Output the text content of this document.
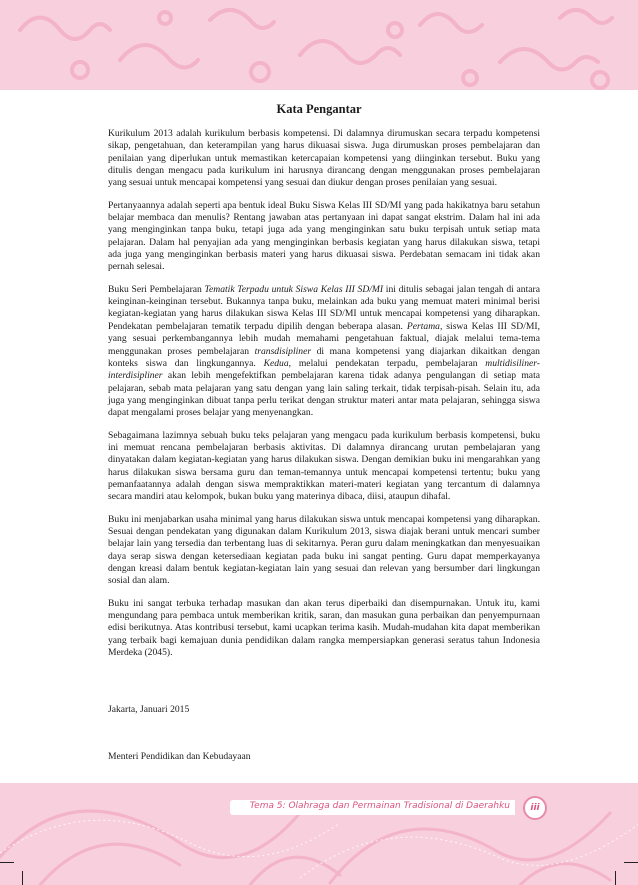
Kata Pengantar

Kurikulum 2013 adalah kurikulum berbasis kompetensi. Di dalamnya dirumuskan secara terpadu kompetensi sikap, pengetahuan, dan keterampilan yang harus dikuasai siswa. Juga dirumuskan proses pembelajaran dan penilaian yang diperlukan untuk memastikan ketercapaian kompetensi yang diinginkan tersebut. Buku yang ditulis dengan mengacu pada kurikulum ini harusnya dirancang dengan menggunakan proses pembelajaran yang sesuai untuk mencapai kompetensi yang sesuai dan diukur dengan proses penilaian yang sesuai.

Pertanyaannya adalah seperti apa bentuk ideal Buku Siswa Kelas III SD/MI yang pada hakikatnya baru setahun belajar membaca dan menulis? Rentang jawaban atas pertanyaan ini dapat sangat ekstrim. Dalam hal ini ada yang menginginkan tanpa buku, tetapi juga ada yang menginginkan satu buku terpisah untuk setiap mata pelajaran. Dalam hal penyajian ada yang menginginkan berbasis kegiatan yang harus dilakukan siswa, tetapi ada juga yang menginginkan berbasis materi yang harus dikuasai siswa. Perdebatan semacam ini tidak akan pernah selesai.

Buku Seri Pembelajaran Tematik Terpadu untuk Siswa Kelas III SD/MI ini ditulis sebagai jalan tengah di antara keinginan-keinginan tersebut. Bukannya tanpa buku, melainkan ada buku yang memuat materi minimal berisi kegiatan-kegiatan yang harus dilakukan siswa Kelas III SD/MI untuk mencapai kompetensi yang diharapkan. Pendekatan pembelajaran tematik terpadu dipilih dengan beberapa alasan. Pertama, siswa Kelas III SD/MI, yang sesuai perkembangannya lebih mudah memahami pengetahuan faktual, diajak melalui tema-tema menggunakan proses pembelajaran transdisipliner di mana kompetensi yang diajarkan dikaitkan dengan konteks siswa dan lingkungannya. Kedua, melalui pendekatan terpadu, pembelajaran multidisiliner-interdisipliner akan lebih mengefektifkan pembelajaran karena tidak adanya pengulangan di setiap mata pelajaran, sebab mata pelajaran yang satu dengan yang lain saling terkait, tidak terpisah-pisah. Selain itu, ada juga yang menginginkan dibuat tanpa perlu terikat dengan struktur materi antar mata pelajaran, sehingga siswa dapat mengalami proses belajar yang menyenangkan.

Sebagaimana lazimnya sebuah buku teks pelajaran yang mengacu pada kurikulum berbasis kompetensi, buku ini memuat rencana pembelajaran berbasis aktivitas. Di dalamnya dirancang urutan pembelajaran yang dinyatakan dalam kegiatan-kegiatan yang harus dilakukan siswa. Dengan demikian buku ini mengarahkan yang harus dilakukan siswa bersama guru dan teman-temannya untuk mencapai kompetensi tertentu; buku yang pemanfaatannya adalah dengan siswa mempraktikkan materi-materi kegiatan yang tercantum di dalamnya secara mandiri atau kelompok, bukan buku yang materinya dibaca, diisi, ataupun dihafal.

Buku ini menjabarkan usaha minimal yang harus dilakukan siswa untuk mencapai kompetensi yang diharapkan. Sesuai dengan pendekatan yang digunakan dalam Kurikulum 2013, siswa diajak berani untuk mencari sumber belajar lain yang tersedia dan terbentang luas di sekitarnya. Peran guru dalam meningkatkan dan menyesuaikan daya serap siswa dengan ketersediaan kegiatan pada buku ini sangat penting. Guru dapat memperkayanya dengan kreasi dalam bentuk kegiatan-kegiatan lain yang sesuai dan relevan yang bersumber dari lingkungan sosial dan alam.

Buku ini sangat terbuka terhadap masukan dan akan terus diperbaiki dan disempurnakan. Untuk itu, kami mengundang para pembaca untuk memberikan kritik, saran, dan masukan guna perbaikan dan penyempurnaan edisi berikutnya. Atas kontribusi tersebut, kami ucapkan terima kasih. Mudah-mudahan kita dapat memberikan yang terbaik bagi kemajuan dunia pendidikan dalam rangka mempersiapkan generasi seratus tahun Indonesia Merdeka (2045).

Jakarta, Januari 2015
Menteri Pendidikan dan Kebudayaan
Tema 5: Olahraga dan Permainan Tradisional di Daerahku	iii
